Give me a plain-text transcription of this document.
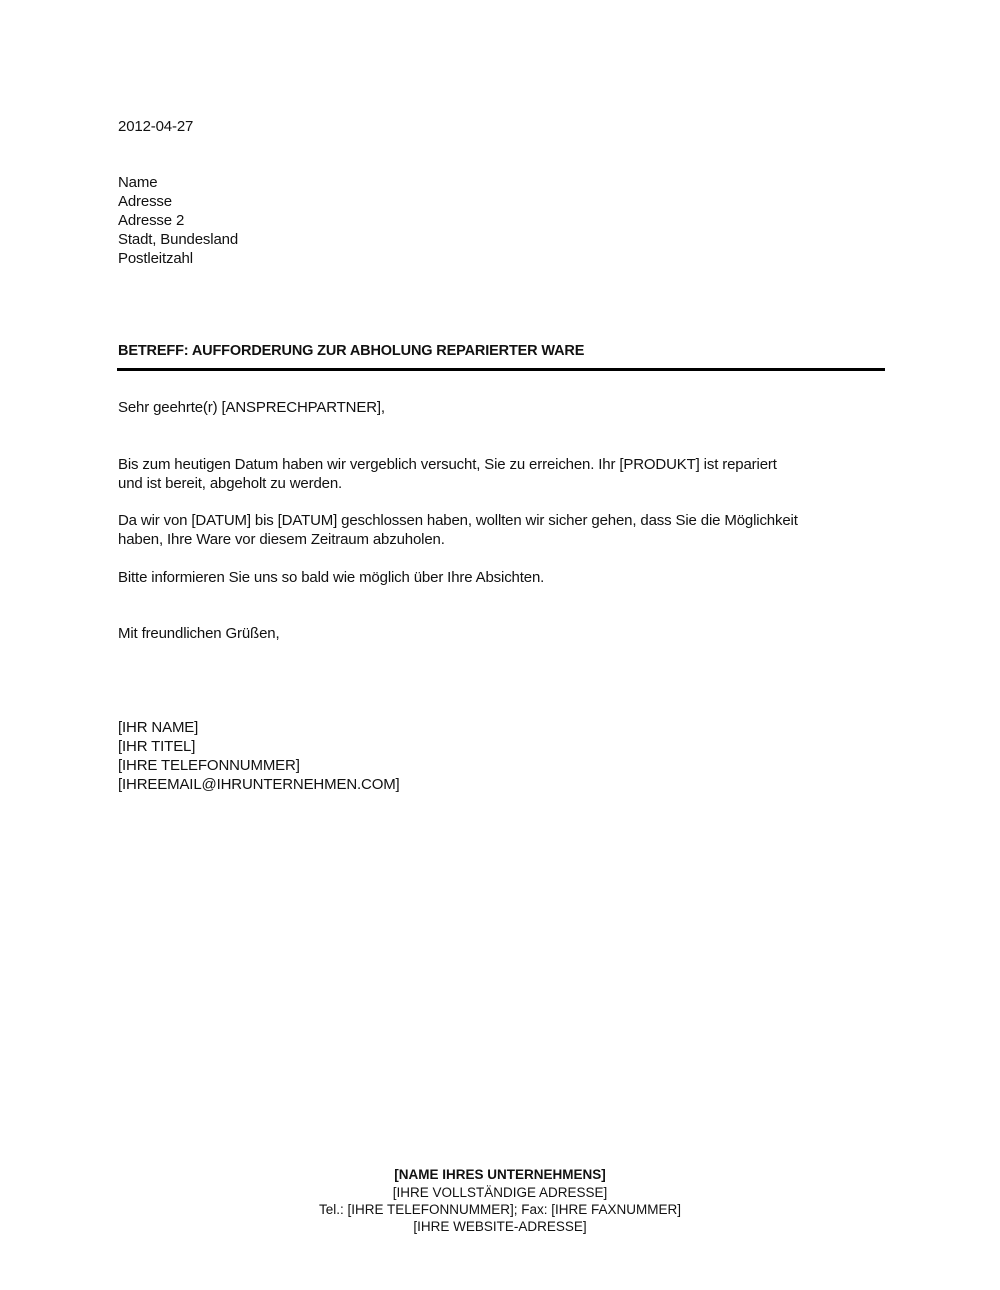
2012-04-27
Name
Adresse
Adresse 2
Stadt, Bundesland
Postleitzahl
BETREFF: AUFFORDERUNG ZUR ABHOLUNG REPARIERTER WARE
Sehr geehrte(r) [ANSPRECHPARTNER],
Bis zum heutigen Datum haben wir vergeblich versucht, Sie zu erreichen. Ihr [PRODUKT] ist repariert
und ist bereit, abgeholt zu werden.
Da wir von [DATUM] bis [DATUM] geschlossen haben, wollten wir sicher gehen, dass Sie die Möglichkeit
haben, Ihre Ware vor diesem Zeitraum abzuholen.
Bitte informieren Sie uns so bald wie möglich über Ihre Absichten.
Mit freundlichen Grüßen,
[IHR NAME]
[IHR TITEL]
[IHRE TELEFONNUMMER]
[IHREEMAIL@IHRUNTERNEHMEN.COM]
[NAME IHRES UNTERNEHMENS]
[IHRE VOLLSTÄNDIGE ADRESSE]
Tel.: [IHRE TELEFONNUMMER]; Fax: [IHRE FAXNUMMER]
[IHRE WEBSITE-ADRESSE]
